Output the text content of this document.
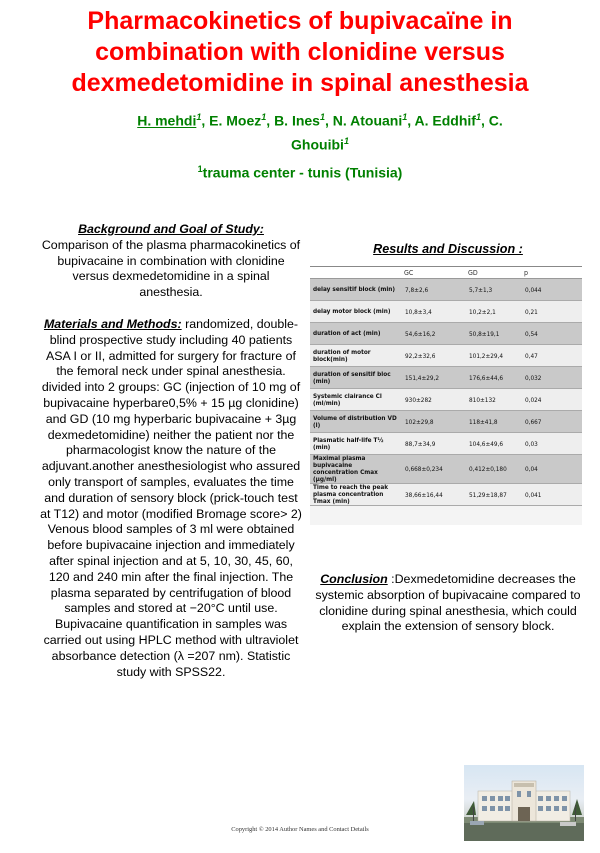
Pharmacokinetics of bupivacaïne in combination with clonidine versus dexmedetomidine in spinal anesthesia
H. mehdi$^1$, E. Moez$^1$, B. Ines$^1$, N. Atouani$^1$, A. Eddhif$^1$, C. Ghouibi$^1$
$^1$trauma center - tunis (Tunisia)

Background and Goal of Study:
Comparison of the plasma pharmacokinetics of bupivacaine in combination with clonidine versus dexmedetomidine in a spinal anesthesia.

Materials and Methods: randomized, double-blind prospective study including 40 patients ASA I or II, admitted for surgery for fracture of the femoral neck under spinal anesthesia. divided into 2 groups: GC (injection of 10 mg of bupivacaine hyperbare0,5% + 15 µg clonidine) and GD (10 mg hyperbaric bupivacaine + 3µg dexmedetomidine) neither the patient nor the pharmacologist know the nature of the adjuvant.another anesthesiologist who assured only transport of samples, evaluates the time and duration of sensory block (prick-touch test at T12) and motor (modified Bromage score> 2) Venous blood samples of 3 ml were obtained before bupivacaine injection and immediately after spinal injection and at 5, 10, 30, 45, 60, 120 and 240 min after the final injection. The plasma separated by centrifugation of blood samples and stored at −20°C until use. Bupivacaine quantification in samples was carried out using HPLC method with ultraviolet absorbance detection (λ =207 nm). Statistic study with SPSS22.

Results and Discussion :
	GC	GD	p
delay sensitif block (min)	7,8±2,6	5,7±1,3	0,044
delay motor block (min)	10,8±3,4	10,2±2,1	0,21
duration of act (min)	54,6±16,2	50,8±19,1	0,54
duration of motor block(min)	92,2±32,6	101,2±29,4	0,47
duration of sensitif bloc (min)	151,4±29,2	176,6±44,6	0,032
Systemic clairance Cl (ml/min)	930±282	810±132	0,024
Volume of distribution VD (l)	102±29,8	118±41,8	0,667
Plasmatic half-life T½ (min)	88,7±34,9	104,6±49,6	0,03
Maximal plasma bupivacaine concentration Cmax (µg/ml)	0,668±0,234	0,412±0,180	0,04
Time to reach the peak plasma concentration Tmax (min)	38,66±16,44	51,29±18,87	0,041
Conclusion :Dexmedetomidine decreases the systemic absorption of bupivacaine compared to clonidine during spinal anesthesia, which could explain the extension of sensory block.
Copyright © 2014 Author Names and Contact Details
